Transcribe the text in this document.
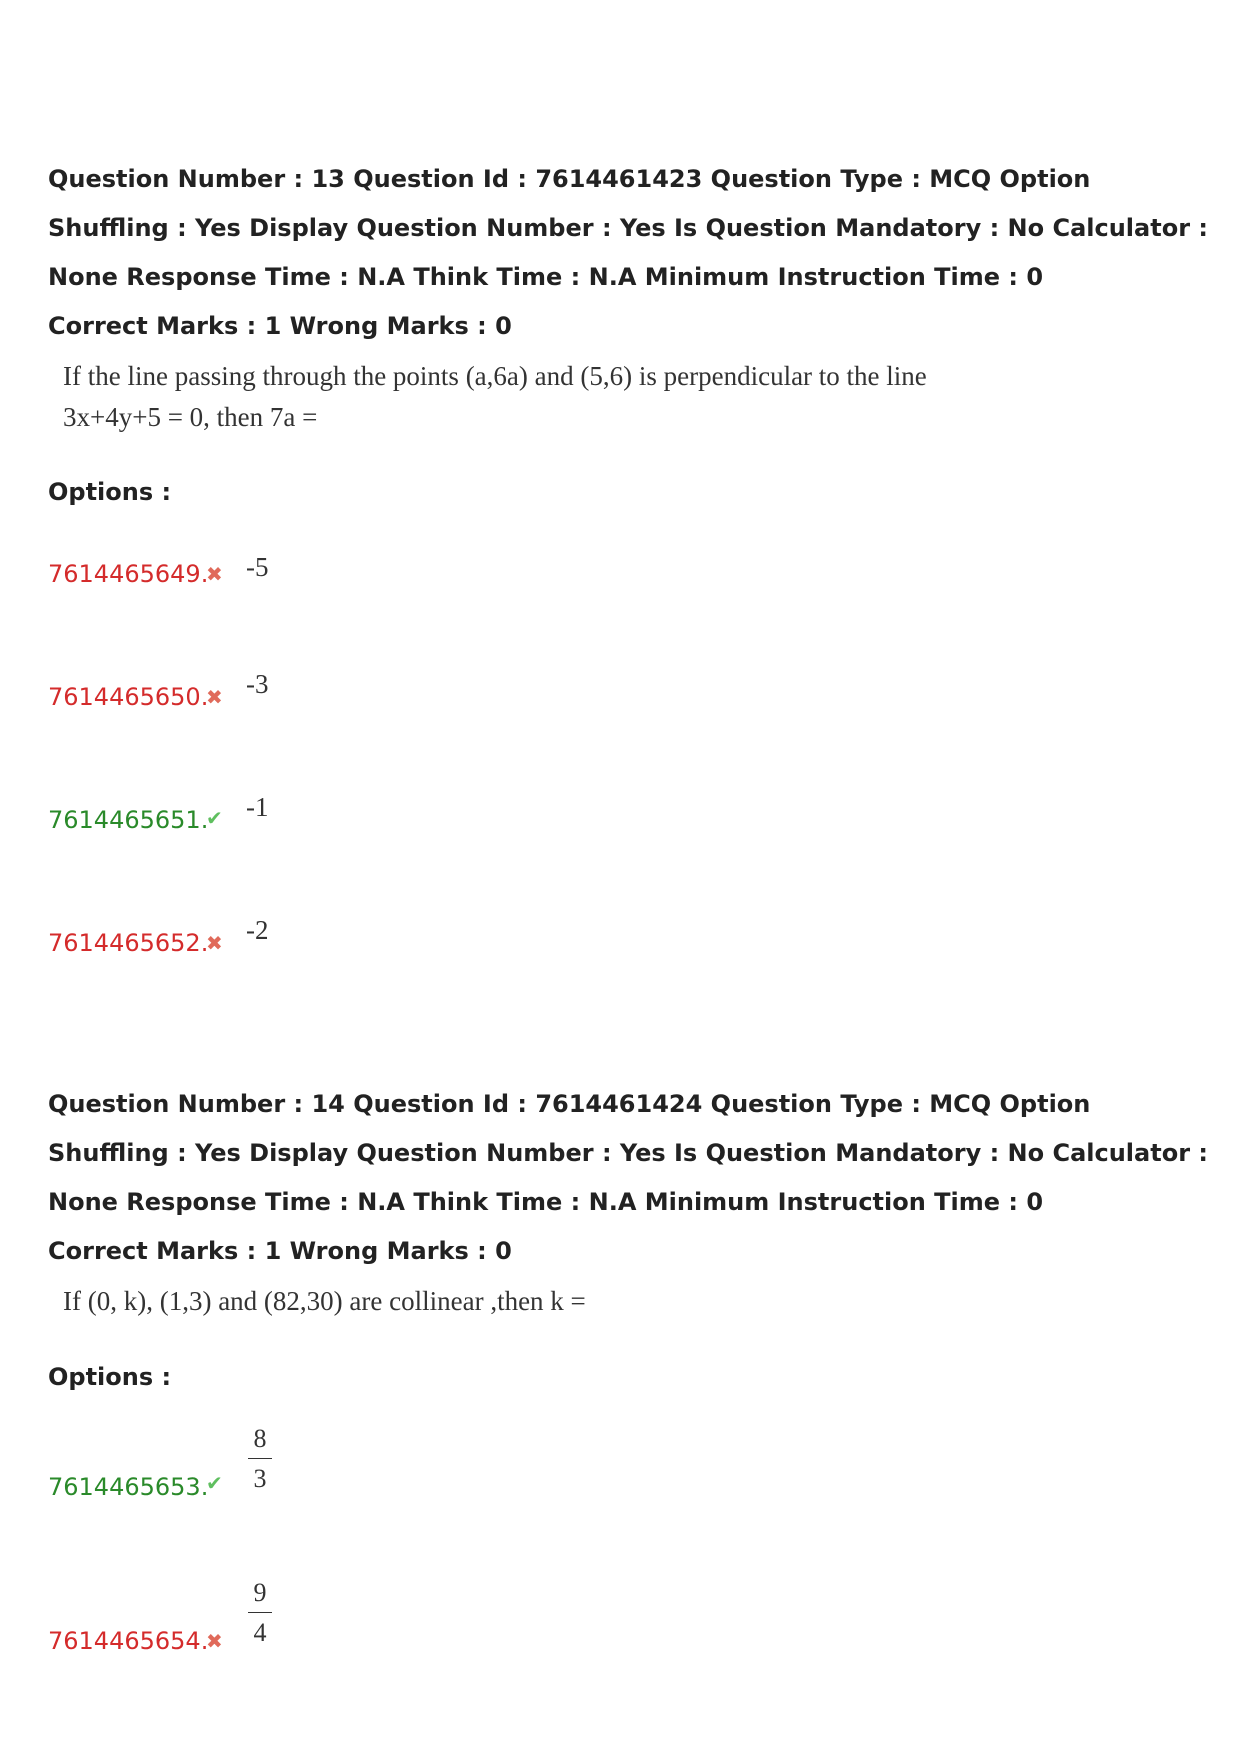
Question Number : 13 Question Id : 7614461423 Question Type : MCQ Option Shuffling : Yes Display Question Number : Yes Is Question Mandatory : No Calculator : None Response Time : N.A Think Time : N.A Minimum Instruction Time : 0

Correct Marks : 1 Wrong Marks : 0

If the line passing through the points (a,6a) and (5,6) is perpendicular to the line
3x+4y+5 = 0, then 7a =

Options :

7614465649.
✖ -5
7614465650.
✖ -3
7614465651.
✔ -1
7614465652.
✖ -2

Question Number : 14 Question Id : 7614461424 Question Type : MCQ Option Shuffling : Yes Display Question Number : Yes Is Question Mandatory : No Calculator : None Response Time : N.A Think Time : N.A Minimum Instruction Time : 0

Correct Marks : 1 Wrong Marks : 0

If (0, k), (1,3) and (82,30) are collinear ,then k =

Options :

8
3
7614465653.
✔
9
4
7614465654.
✖
